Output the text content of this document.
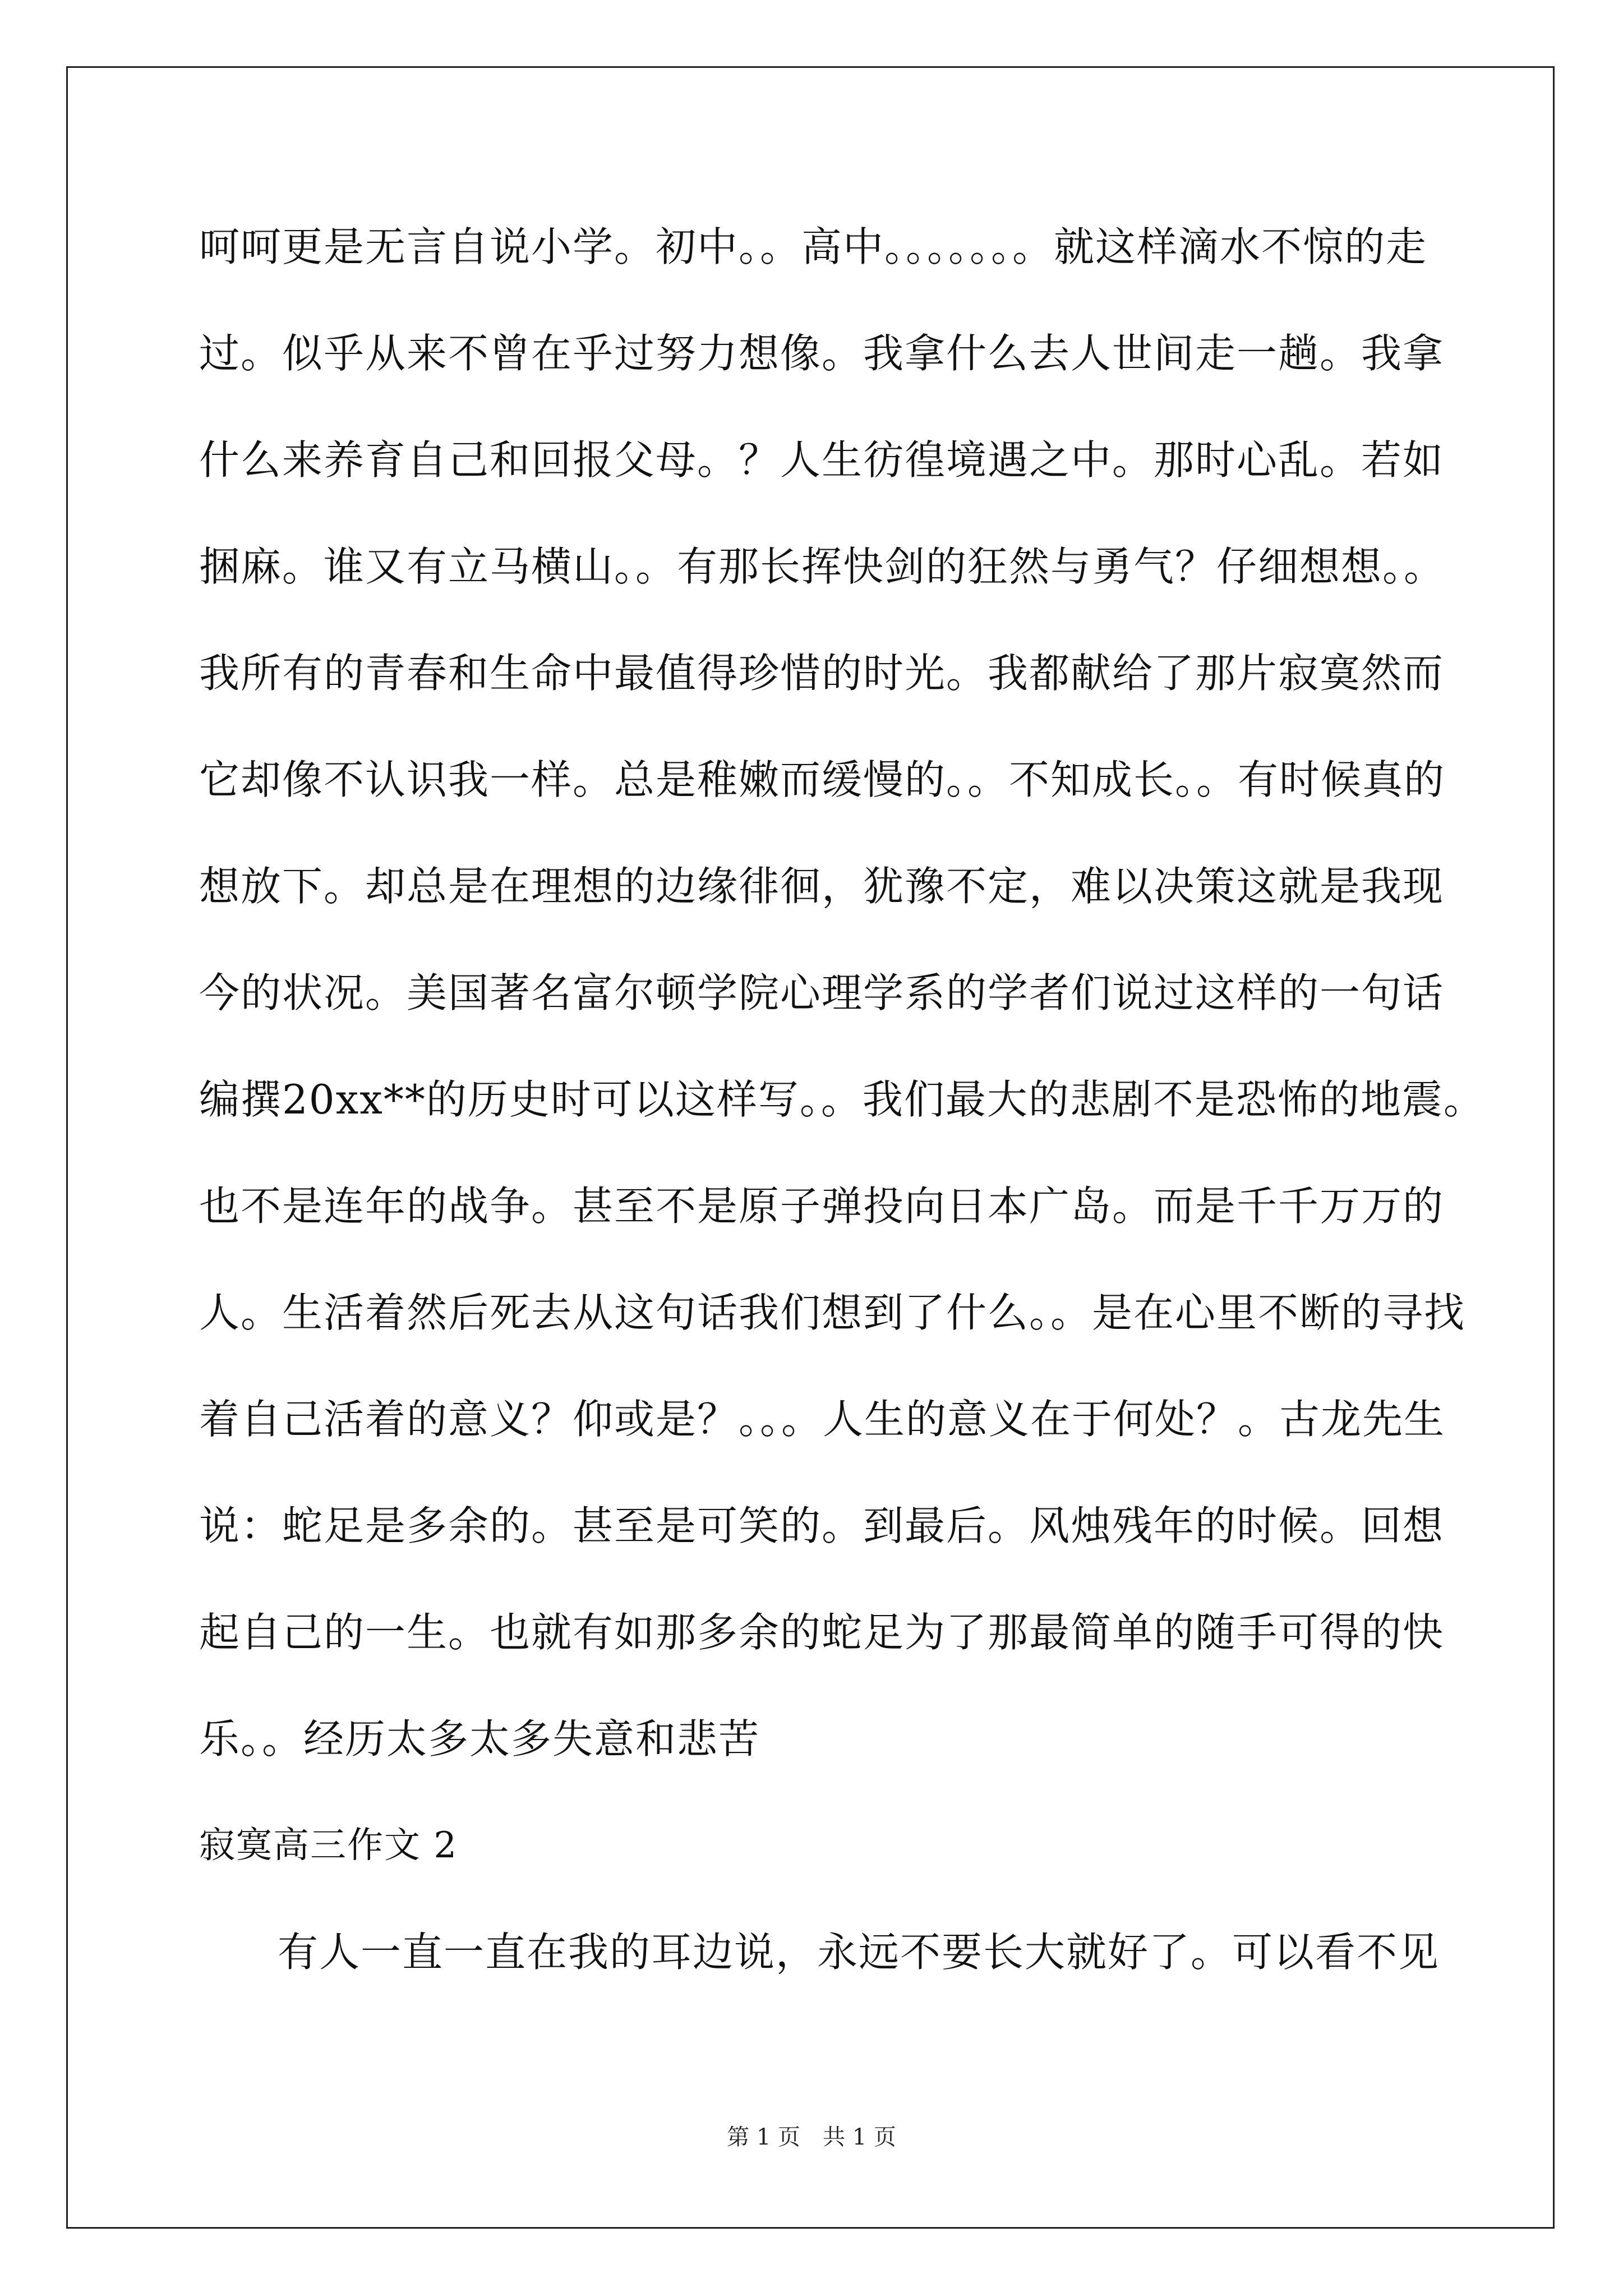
呵呵更是无言自说小学。初中。。高中。。。。。。。就这样滴水不惊的走
过。似乎从来不曾在乎过努力想像。我拿什么去人世间走一趟。我拿
什么来养育自己和回报父母。？人生彷徨境遇之中。那时心乱。若如
捆麻。谁又有立马横山。。有那长挥快剑的狂然与勇气？仔细想想。。
我所有的青春和生命中最值得珍惜的时光。我都献给了那片寂寞然而
它却像不认识我一样。总是稚嫩而缓慢的。。不知成长。。有时候真的
想放下。却总是在理想的边缘徘徊，犹豫不定，难以决策这就是我现
今的状况。美国著名富尔顿学院心理学系的学者们说过这样的一句话
编撰20xx**的历史时可以这样写。。我们最大的悲剧不是恐怖的地震。
也不是连年的战争。甚至不是原子弹投向日本广岛。而是千千万万的
人。生活着然后死去从这句话我们想到了什么。。是在心里不断的寻找
着自己活着的意义？仰或是？。。。人生的意义在于何处？。古龙先生
说：蛇足是多余的。甚至是可笑的。到最后。风烛残年的时候。回想
起自己的一生。也就有如那多余的蛇足为了那最简单的随手可得的快
乐。。经历太多太多失意和悲苦
寂寞高三作文 2
有人一直一直在我的耳边说，永远不要长大就好了。可以看不见
第 1 页　共 1 页
